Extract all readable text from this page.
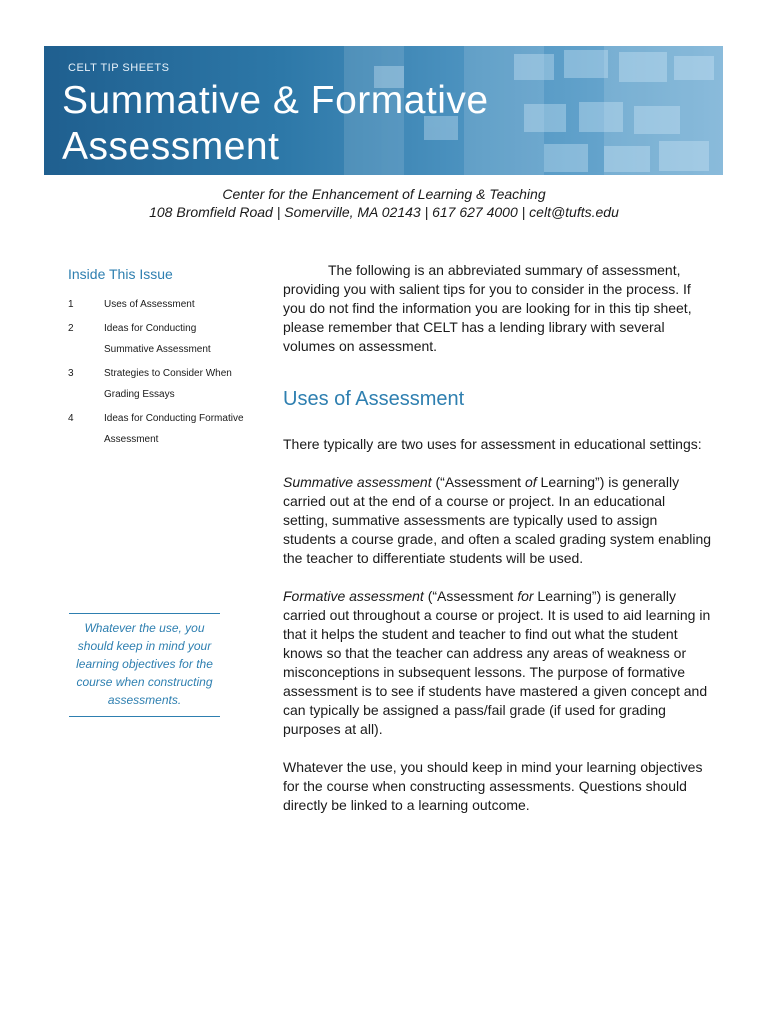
CELT TIP SHEETS
Summative & Formative Assessment
Center for the Enhancement of Learning & Teaching
108 Bromfield Road | Somerville, MA 02143 | 617 627 4000 | celt@tufts.edu
Inside This Issue
1	Uses of Assessment
2	Ideas for Conducting Summative Assessment
3	Strategies to Consider When Grading Essays
4	Ideas for Conducting Formative Assessment
Whatever the use, you should keep in mind your learning objectives for the course when constructing assessments.

The following is an abbreviated summary of assessment, providing you with salient tips for you to consider in the process. If you do not find the information you are looking for in this tip sheet, please remember that CELT has a lending library with several volumes on assessment.

Uses of Assessment

There typically are two uses for assessment in educational settings:

Summative assessment (“Assessment of Learning”) is generally carried out at the end of a course or project. In an educational setting, summative assessments are typically used to assign students a course grade, and often a scaled grading system enabling the teacher to differentiate students will be used.

Formative assessment (“Assessment for Learning”) is generally carried out throughout a course or project. It is used to aid learning in that it helps the student and teacher to find out what the student knows so that the teacher can address any areas of weakness or misconceptions in subsequent lessons. The purpose of formative assessment is to see if students have mastered a given concept and can typically be assigned a pass/fail grade (if used for grading purposes at all).

Whatever the use, you should keep in mind your learning objectives for the course when constructing assessments. Questions should directly be linked to a learning outcome.
